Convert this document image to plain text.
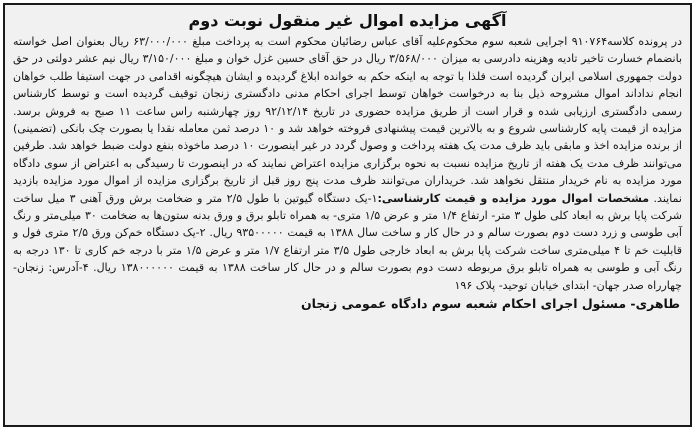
آگهی مزایده اموال غیر منقول نوبت دوم

در پرونده کلاسه۹۱۰۷۶۴ اجرایی شعبه سوم محکوم‌علیه آقای عباس رضائیان محکوم است به پرداخت مبلغ ۶۳/۰۰۰/۰۰۰ ریال بعنوان اصل خواسته بانضمام خسارت تاخیر تادیه وهزینه دادرسی به میزان ۳/۵۶۸/۰۰۰ ریال در حق آقای حسین غزل خوان و مبلغ ۳/۱۵۰/۰۰۰ ریال نیم عشر دولتی در حق دولت جمهوری اسلامی ایران گردیده است فلذا با توجه به اینکه حکم به خوانده ابلاغ گردیده و ایشان هیچگونه اقدامی در جهت استیفا طلب خواهان انجام نداداند اموال مشروحه ذیل بنا به درخواست خواهان توسط اجرای احکام مدنی دادگستری زنجان توقیف گردیده است و توسط کارشناس رسمی دادگستری ارزیابی شده و قرار است از طریق مزایده حضوری در تاریخ ۹۲/۱۲/۱۴ روز چهارشنبه راس ساعت ۱۱ صبح به فروش برسد. مزایده از قیمت پایه کارشناسی شروع و به بالاترین قیمت پیشنهادی فروخته خواهد شد و ۱۰ درصد ثمن معامله نقدا یا بصورت چک بانکی (تضمینی) از برنده مزایده اخذ و مابقی باید ظرف مدت یک هفته پرداخت و وصول گردد در غیر اینصورت ۱۰ درصد ماخوذه بنفع دولت ضبط خواهد شد. طرفین می‌توانند ظرف مدت یک هفته از تاریخ مزایده نسبت به نحوه برگزاری مزایده اعتراض نمایند که در اینصورت تا رسیدگی به اعتراض از سوی دادگاه مورد مزایده به نام خریدار منتقل نخواهد شد. خریداران می‌توانند ظرف مدت پنج روز قبل از تاریخ برگزاری مزایده از اموال مورد مزایده بازدید نمایند. مشخصات اموال مورد مزایده و قیمت کارشناسی:۱-یک دستگاه گیوتین با طول ۲/۵ متر و ضخامت برش ورق آهنی ۳ میل ساخت شرکت پایا برش به ابعاد کلی طول ۳ متر- ارتفاع ۱/۴ متر و عرض ۱/۵ متری- به همراه تابلو برق و ورق بدنه ستون‌ها به ضخامت ۳۰ میلی‌متر و رنگ آبی طوسی و زرد دست دوم بصورت سالم و در حال کار و ساخت سال ۱۳۸۸ به قیمت ۹۳۵۰۰۰۰۰ ریال. ۲-یک دستگاه خم‌کن ورق ۲/۵ متری فول و قابلیت خم تا ۴ میلی‌متری ساخت شرکت پایا برش به ابعاد خارجی طول ۳/۵ متر ارتفاع ۱/۷ متر و عرض ۱/۵ متر با درجه خم کاری تا ۱۳۰ درجه به رنگ آبی و طوسی به همراه تابلو برق مربوطه دست دوم بصورت سالم و در حال کار ساخت ۱۳۸۸ به قیمت ۱۳۸۰۰۰۰۰۰ ریال. ۴-آدرس: زنجان- چهارراه صدر جهان- ابتدای خیابان توحید- پلاک ۱۹۶

طاهری- مسئول اجرای احکام شعبه سوم دادگاه عمومی زنجان
